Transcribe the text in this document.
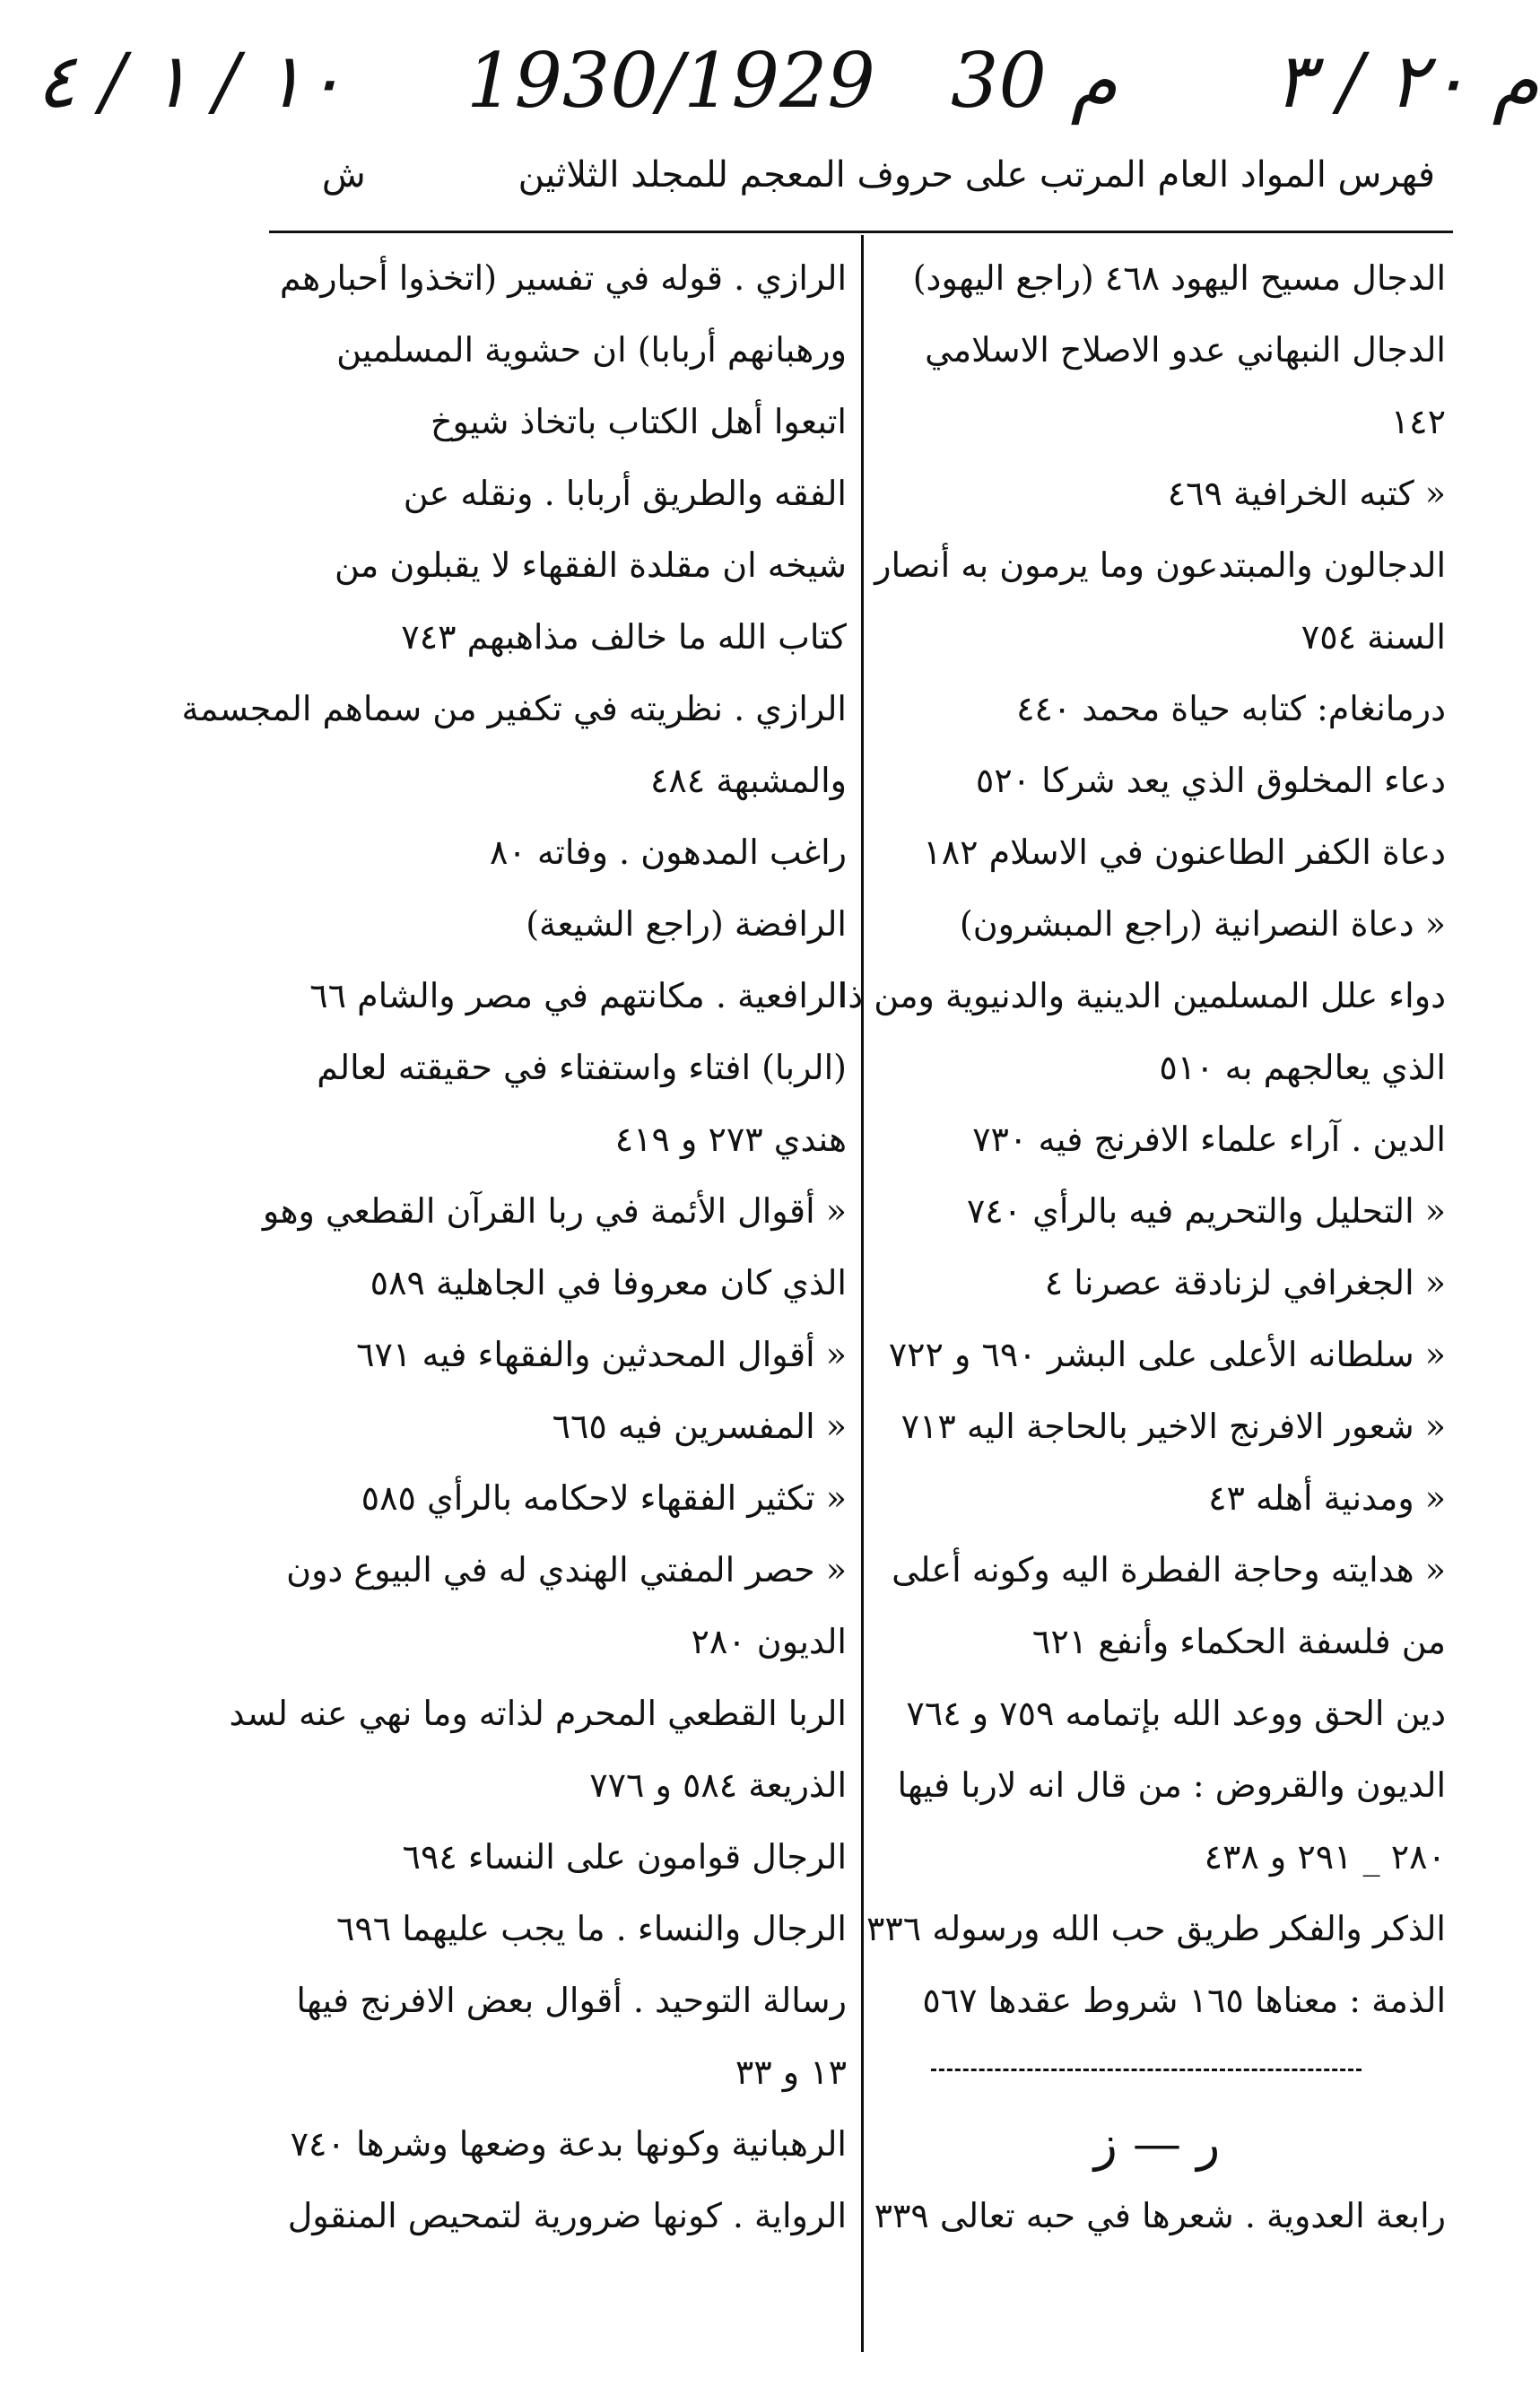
١٠ / ١ / ٤ 1930/1929 30 م م ٢٠ / ٣
فهرس المواد العام المرتب على حروف المعجم للمجلد الثلاثين
ش
الدجال مسيح اليهود ٤٦٨ (راجع اليهود)
الدجال النبهاني عدو الاصلاح الاسلامي
١٤٢
« كتبه الخرافية ٤٦٩
الدجالون والمبتدعون وما يرمون به أنصار
السنة ٧٥٤
درمانغام: كتابه حياة محمد ٤٤٠
دعاء المخلوق الذي يعد شركا ٥٢٠
دعاة الكفر الطاعنون في الاسلام ١٨٢
« دعاة النصرانية (راجع المبشرون)
دواء علل المسلمين الدينية والدنيوية ومن ذا
الذي يعالجهم به ٥١٠
الدين . آراء علماء الافرنج فيه ٧٣٠
« التحليل والتحريم فيه بالرأي ٧٤٠
« الجغرافي لزنادقة عصرنا ٤
« سلطانه الأعلى على البشر ٦٩٠ و ٧٢٢
« شعور الافرنج الاخير بالحاجة اليه ٧١٣
« ومدنية أهله ٤٣
« هدايته وحاجة الفطرة اليه وكونه أعلى
من فلسفة الحكماء وأنفع ٦٢١
دين الحق ووعد الله بإتمامه ٧٥٩ و ٧٦٤
الديون والقروض : من قال انه لاربا فيها
٢٨٠ _ ٢٩١ و ٤٣٨
الذكر والفكر طريق حب الله ورسوله ٣٣٦
الذمة : معناها ١٦٥ شروط عقدها ٥٦٧
ر — ز
رابعة العدوية . شعرها في حبه تعالى ٣٣٩
الرازي . قوله في تفسير (اتخذوا أحبارهم
ورهبانهم أربابا) ان حشوية المسلمين
اتبعوا أهل الكتاب باتخاذ شيوخ
الفقه والطريق أربابا . ونقله عن
شيخه ان مقلدة الفقهاء لا يقبلون من
كتاب الله ما خالف مذاهبهم ٧٤٣
الرازي . نظريته في تكفير من سماهم المجسمة
والمشبهة ٤٨٤
راغب المدهون . وفاته ٨٠
الرافضة (راجع الشيعة)
الرافعية . مكانتهم في مصر والشام ٦٦
(الربا) افتاء واستفتاء في حقيقته لعالم
هندي ٢٧٣ و ٤١٩
« أقوال الأئمة في ربا القرآن القطعي وهو
الذي كان معروفا في الجاهلية ٥٨٩
« أقوال المحدثين والفقهاء فيه ٦٧١
« المفسرين فيه ٦٦٥
« تكثير الفقهاء لاحكامه بالرأي ٥٨٥
« حصر المفتي الهندي له في البيوع دون
الديون ٢٨٠
الربا القطعي المحرم لذاته وما نهي عنه لسد
الذريعة ٥٨٤ و ٧٧٦
الرجال قوامون على النساء ٦٩٤
الرجال والنساء . ما يجب عليهما ٦٩٦
رسالة التوحيد . أقوال بعض الافرنج فيها
١٣ و ٣٣
الرهبانية وكونها بدعة وضعها وشرها ٧٤٠
الرواية . كونها ضرورية لتمحيص المنقول
